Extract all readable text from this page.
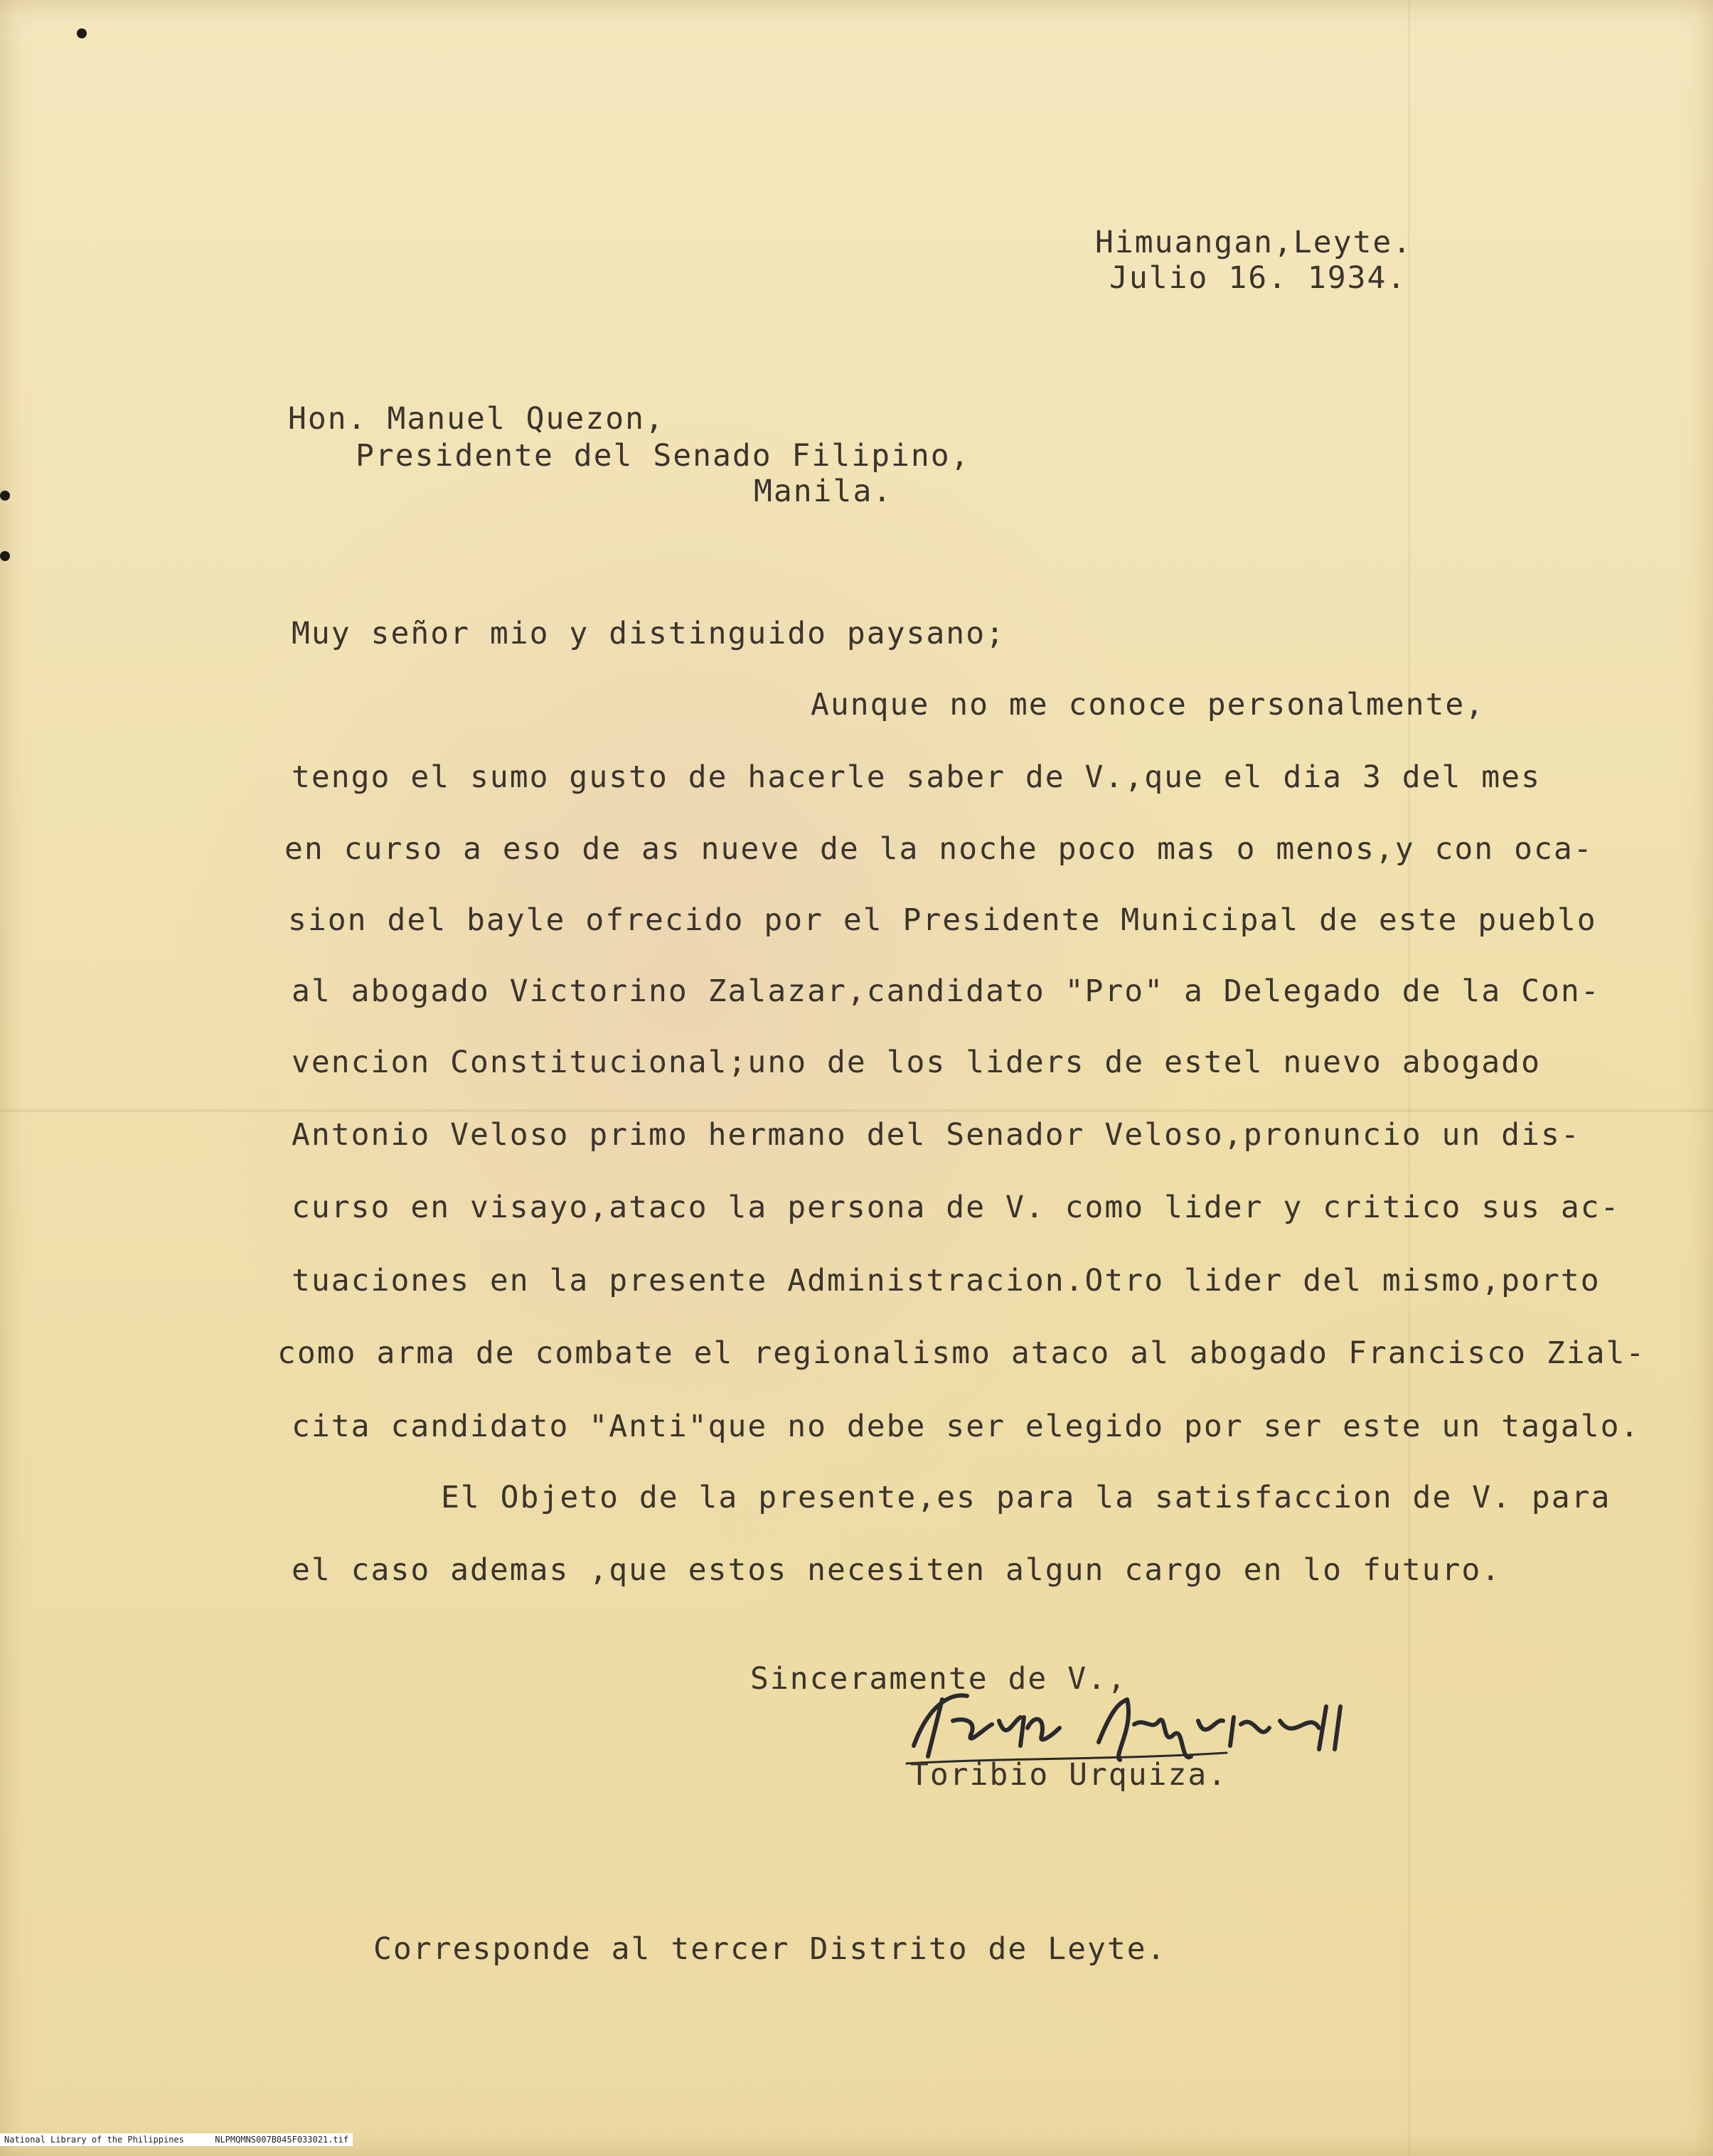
Himuangan,Leyte.
Julio 16. 1934.
Hon. Manuel Quezon,
Presidente del Senado Filipino,
Manila.
Muy señor mio y distinguido paysano;
Aunque no me conoce personalmente,
tengo el sumo gusto de hacerle saber de V.,que el dia 3 del mes
en curso a eso de as nueve de la noche poco mas o menos,y con oca-
sion del bayle ofrecido por el Presidente Municipal de este pueblo
al abogado Victorino Zalazar,candidato "Pro" a Delegado de la Con-
vencion Constitucional;uno de los liders de estel nuevo abogado
Antonio Veloso primo hermano del Senador Veloso,pronuncio un dis-
curso en visayo,ataco la persona de V. como lider y critico sus ac-
tuaciones en la presente Administracion.Otro lider del mismo,porto
como arma de combate el regionalismo ataco al abogado Francisco Zial-
cita candidato "Anti"que no debe ser elegido por ser este un tagalo.
El Objeto de la presente,es para la satisfaccion de V. para
el caso ademas ,que estos necesiten algun cargo en lo futuro.
Sinceramente de V.,
Toribio Urquiza.
Corresponde al tercer Distrito de Leyte.
National Library of the Philippines	NLPMQMNS007B045F033021.tif
